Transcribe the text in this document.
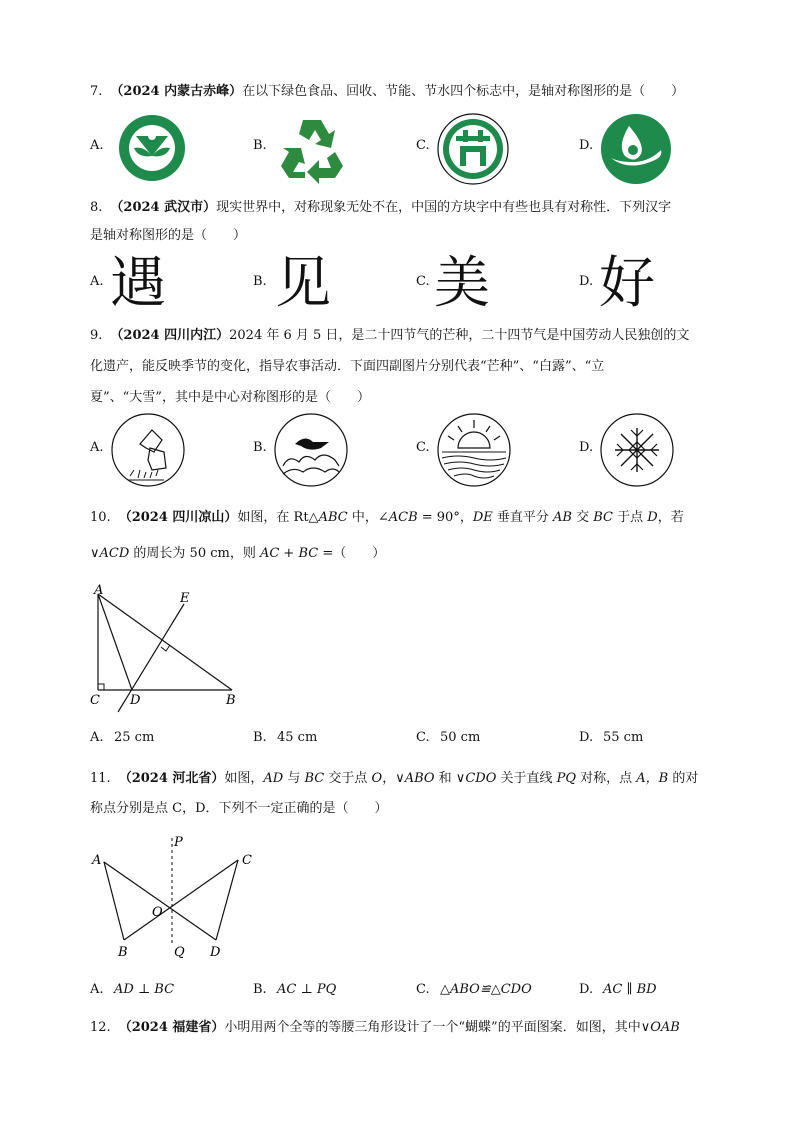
7. （2024 内蒙古赤峰）在以下绿色食品、回收、节能、节水四个标志中，是轴对称图形的是（　　）
A.	B.	C.	D.
8. （2024 武汉市）现实世界中，对称现象无处不在，中国的方块字中有些也具有对称性．下列汉字
是轴对称图形的是（　　）
A. 遇	B. 见	C. 美	D. 好
9. （2024 四川内江）2024 年 6 月 5 日，是二十四节气的芒种，二十四节气是中国劳动人民独创的文
化遗产，能反映季节的变化，指导农事活动．下面四副图片分别代表“芒种”、“白露”、“立
夏”、“大雪”，其中是中心对称图形的是（　　）
A.	B.	C.	D.
10. （2024 四川凉山）如图，在 Rt△ABC 中，∠ACB = 90°，DE 垂直平分 AB 交 BC 于点 D，若
∨ACD 的周长为 50 cm，则 AC + BC =（　　）
A
E
C D	B
A. 25 cm	B. 45 cm	C. 50 cm	D. 55 cm
11. （2024 河北省）如图，AD 与 BC 交于点 O，∨ABO 和 ∨CDO 关于直线 PQ 对称，点 A，B 的对
称点分别是点 C，D．下列不一定正确的是（　　）
A
P
C
O
B	Q D
A. AD ⊥ BC	B. AC ⊥ PQ	C. △ABO≌△CDO	D. AC ∥ BD
12. （2024 福建省）小明用两个全等的等腰三角形设计了一个“蝴蝶”的平面图案．如图，其中∨OAB
